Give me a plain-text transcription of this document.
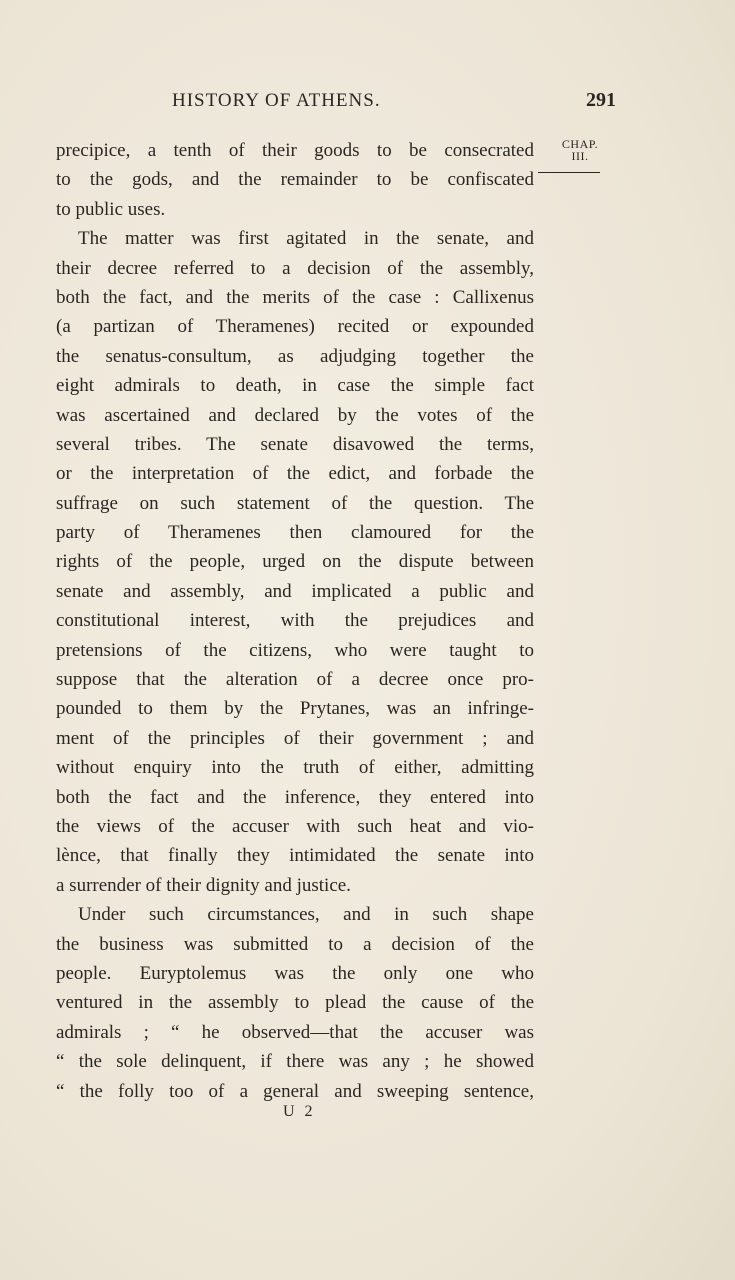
HISTORY OF ATHENS.	291
CHAP.
III.
precipice, a tenth of their goods to be consecrated
to the gods, and the remainder to be confiscated
to public uses.
The matter was first agitated in the senate, and
their decree referred to a decision of the assembly,
both the fact, and the merits of the case : Callixenus
(a partizan of Theramenes) recited or expounded
the senatus-consultum, as adjudging together the
eight admirals to death, in case the simple fact
was ascertained and declared by the votes of the
several tribes. The senate disavowed the terms,
or the interpretation of the edict, and forbade the
suffrage on such statement of the question. The
party of Theramenes then clamoured for the
rights of the people, urged on the dispute between
senate and assembly, and implicated a public and
constitutional interest, with the prejudices and
pretensions of the citizens, who were taught to
suppose that the alteration of a decree once pro-
pounded to them by the Prytanes, was an infringe-
ment of the principles of their government ; and
without enquiry into the truth of either, admitting
both the fact and the inference, they entered into
the views of the accuser with such heat and vio-
lènce, that finally they intimidated the senate into
a surrender of their dignity and justice.
Under such circumstances, and in such shape
the business was submitted to a decision of the
people. Euryptolemus was the only one who
ventured in the assembly to plead the cause of the
admirals ; “ he observed—that the accuser was
“ the sole delinquent, if there was any ; he showed
“ the folly too of a general and sweeping sentence,
U 2
